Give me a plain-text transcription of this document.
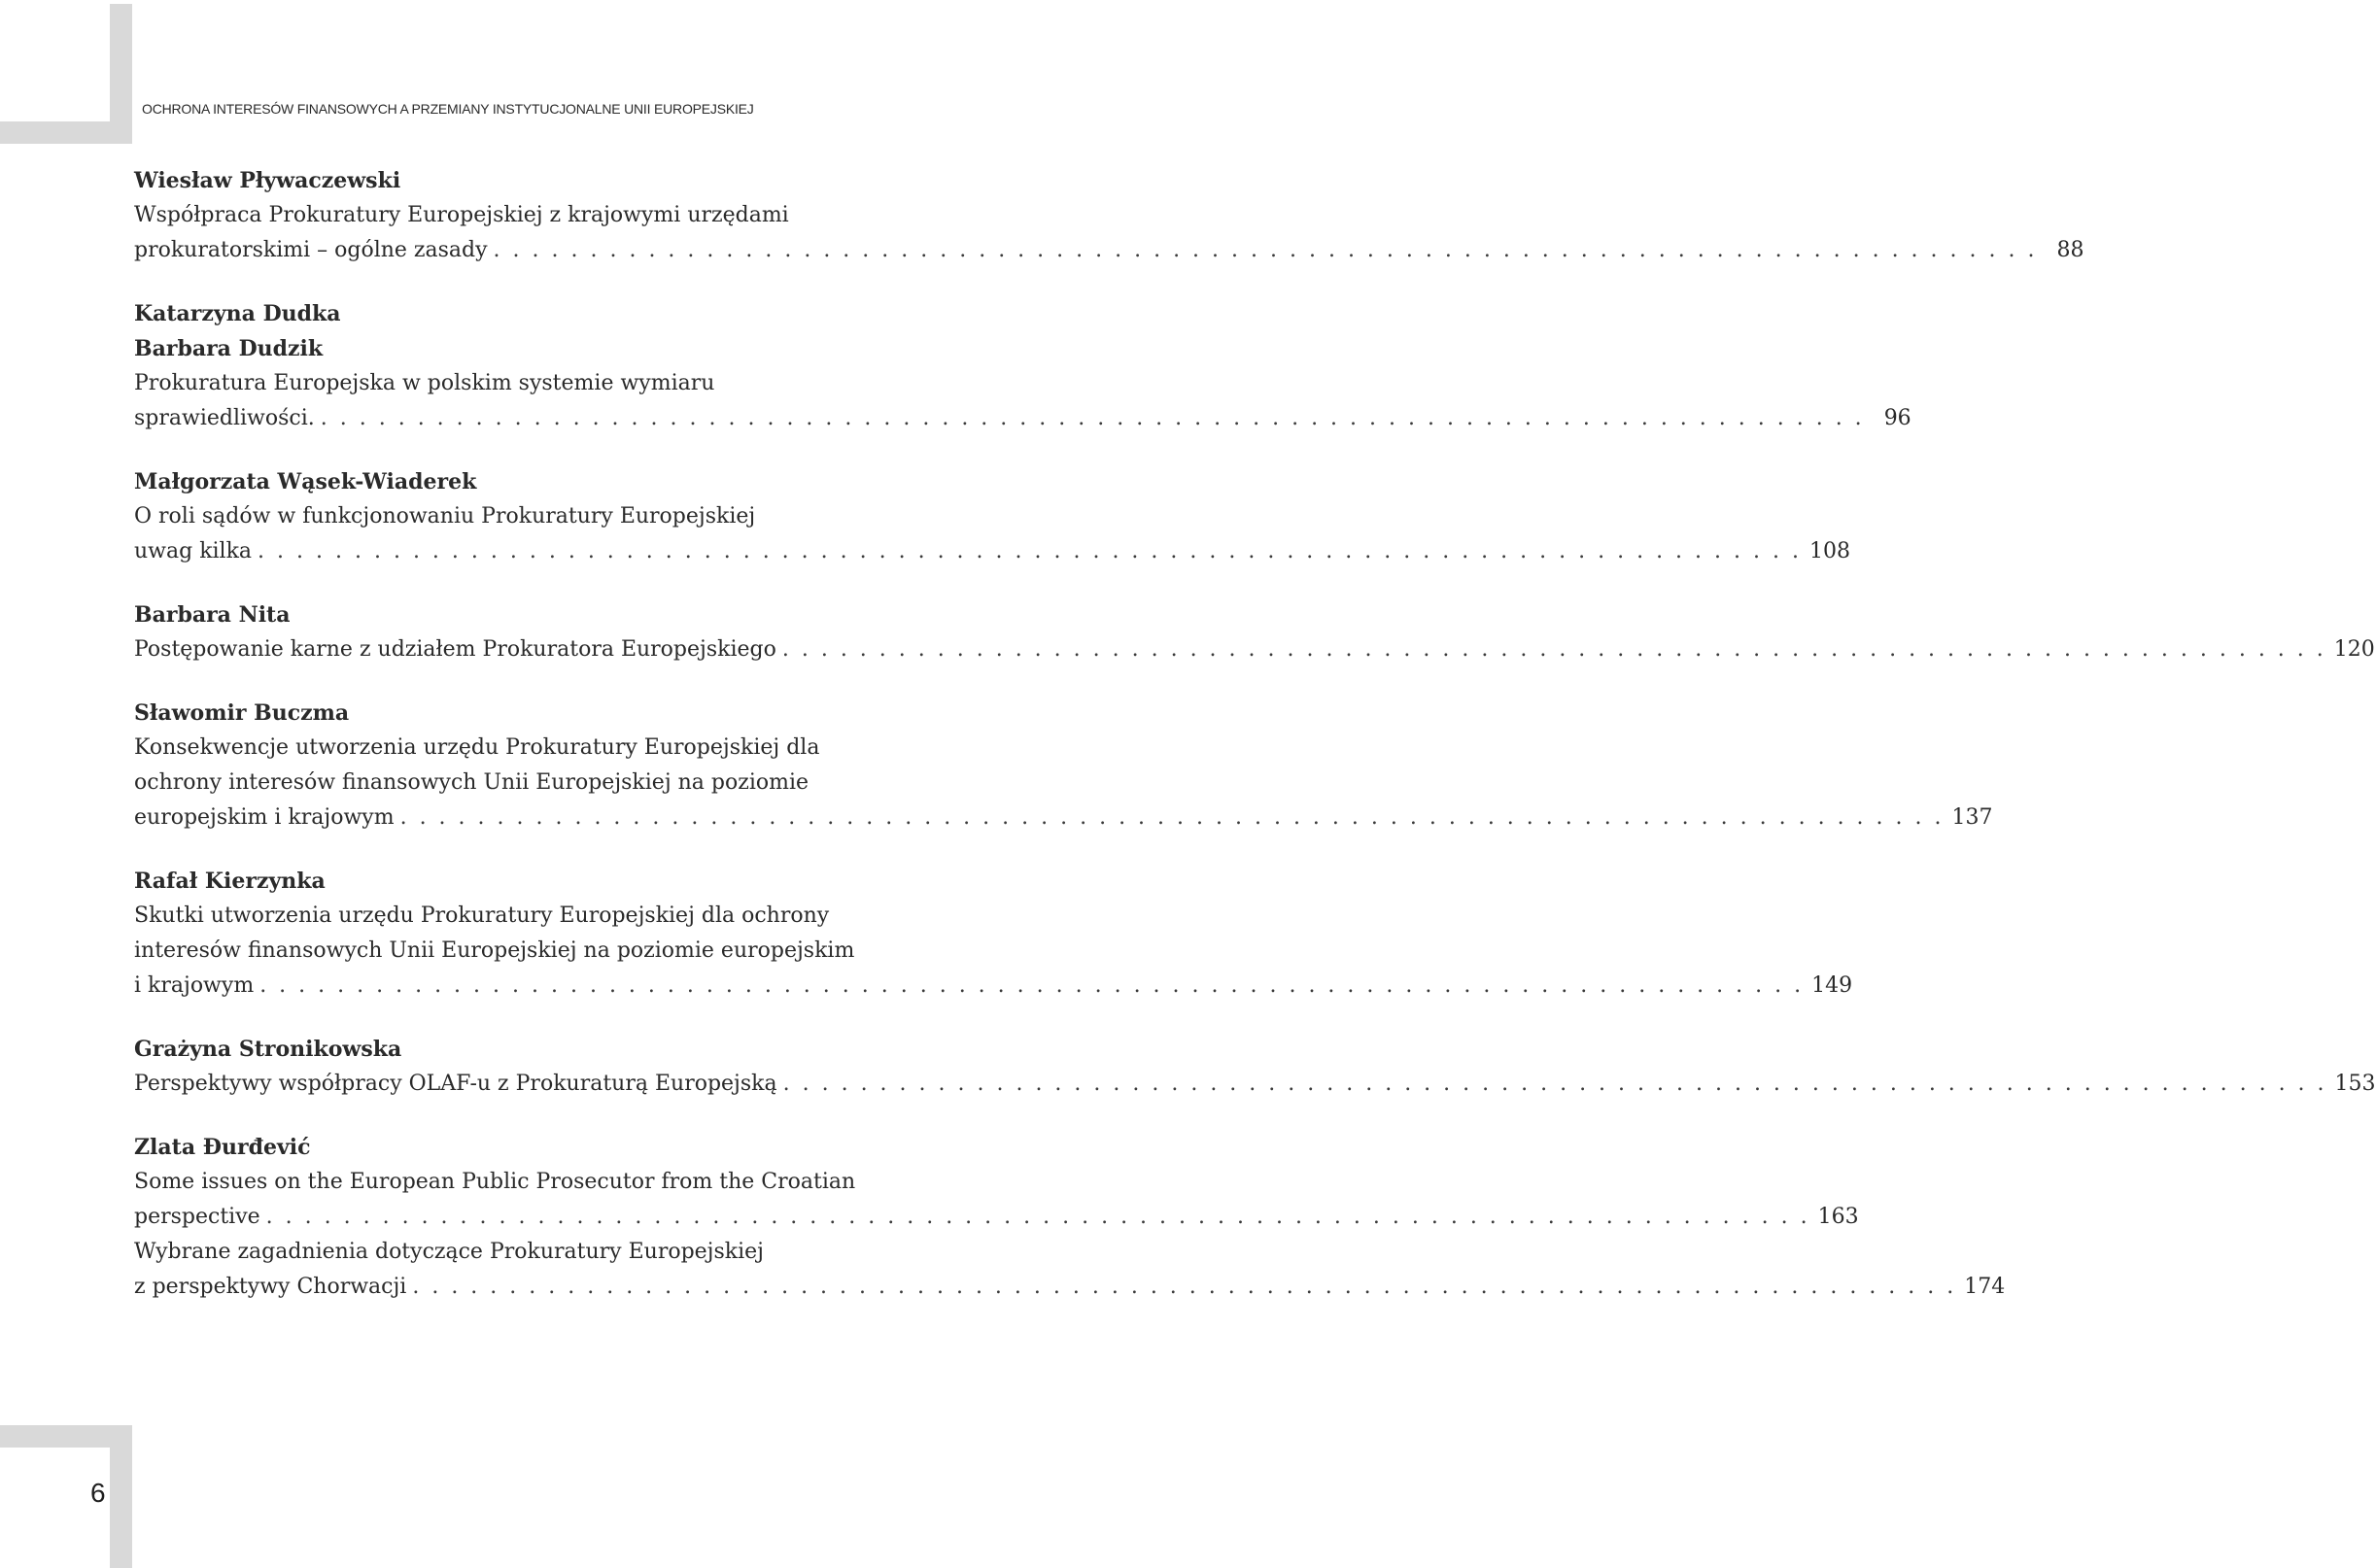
OCHRONA INTERESÓW FINANSOWYCH A PRZEMIANY INSTYTUCJONALNE UNII EUROPEJSKIEJ
Wiesław Pływaczewski
Współpraca Prokuratury Europejskiej z krajowymi urzędami
prokuratorskimi – ogólne zasady . . . . . . . . . . . . . . . . . . . . . . . . . . . . . . . . . . . . . . . . . . . . . . . . . . . . . . . . . . . . . . . . . . . . . . . . . . . . . . . . 88
Katarzyna Dudka
Barbara Dudzik
Prokuratura Europejska w polskim systemie wymiaru
sprawiedliwości. . . . . . . . . . . . . . . . . . . . . . . . . . . . . . . . . . . . . . . . . . . . . . . . . . . . . . . . . . . . . . . . . . . . . . . . . . . . . . . . . 96
Małgorzata Wąsek-Wiaderek
O roli sądów w funkcjonowaniu Prokuratury Europejskiej
uwag kilka . . . . . . . . . . . . . . . . . . . . . . . . . . . . . . . . . . . . . . . . . . . . . . . . . . . . . . . . . . . . . . . . . . . . . . . . . . . . . . . . 108
Barbara Nita
Postępowanie karne z udziałem Prokuratora Europejskiego . . . . . . . . . . . . . . . . . . . . . . . . . . . . . . . . . . . . . . . . . . . . . . . . . . . . . . . . . . . . . . . . . . . . . . . . . . . . . . . . 120
Sławomir Buczma
Konsekwencje utworzenia urzędu Prokuratury Europejskiej dla
ochrony interesów finansowych Unii Europejskiej na poziomie
europejskim i krajowym . . . . . . . . . . . . . . . . . . . . . . . . . . . . . . . . . . . . . . . . . . . . . . . . . . . . . . . . . . . . . . . . . . . . . . . . . . . . . . . . 137
Rafał Kierzynka
Skutki utworzenia urzędu Prokuratury Europejskiej dla ochrony
interesów finansowych Unii Europejskiej na poziomie europejskim
i krajowym . . . . . . . . . . . . . . . . . . . . . . . . . . . . . . . . . . . . . . . . . . . . . . . . . . . . . . . . . . . . . . . . . . . . . . . . . . . . . . . . 149
Grażyna Stronikowska
Perspektywy współpracy OLAF-u z Prokuraturą Europejską . . . . . . . . . . . . . . . . . . . . . . . . . . . . . . . . . . . . . . . . . . . . . . . . . . . . . . . . . . . . . . . . . . . . . . . . . . . . . . . . 153
Zlata Đurđević
Some issues on the European Public Prosecutor from the Croatian
perspective . . . . . . . . . . . . . . . . . . . . . . . . . . . . . . . . . . . . . . . . . . . . . . . . . . . . . . . . . . . . . . . . . . . . . . . . . . . . . . . . 163
Wybrane zagadnienia dotyczące Prokuratury Europejskiej
z perspektywy Chorwacji . . . . . . . . . . . . . . . . . . . . . . . . . . . . . . . . . . . . . . . . . . . . . . . . . . . . . . . . . . . . . . . . . . . . . . . . . . . . . . . . 174
6
